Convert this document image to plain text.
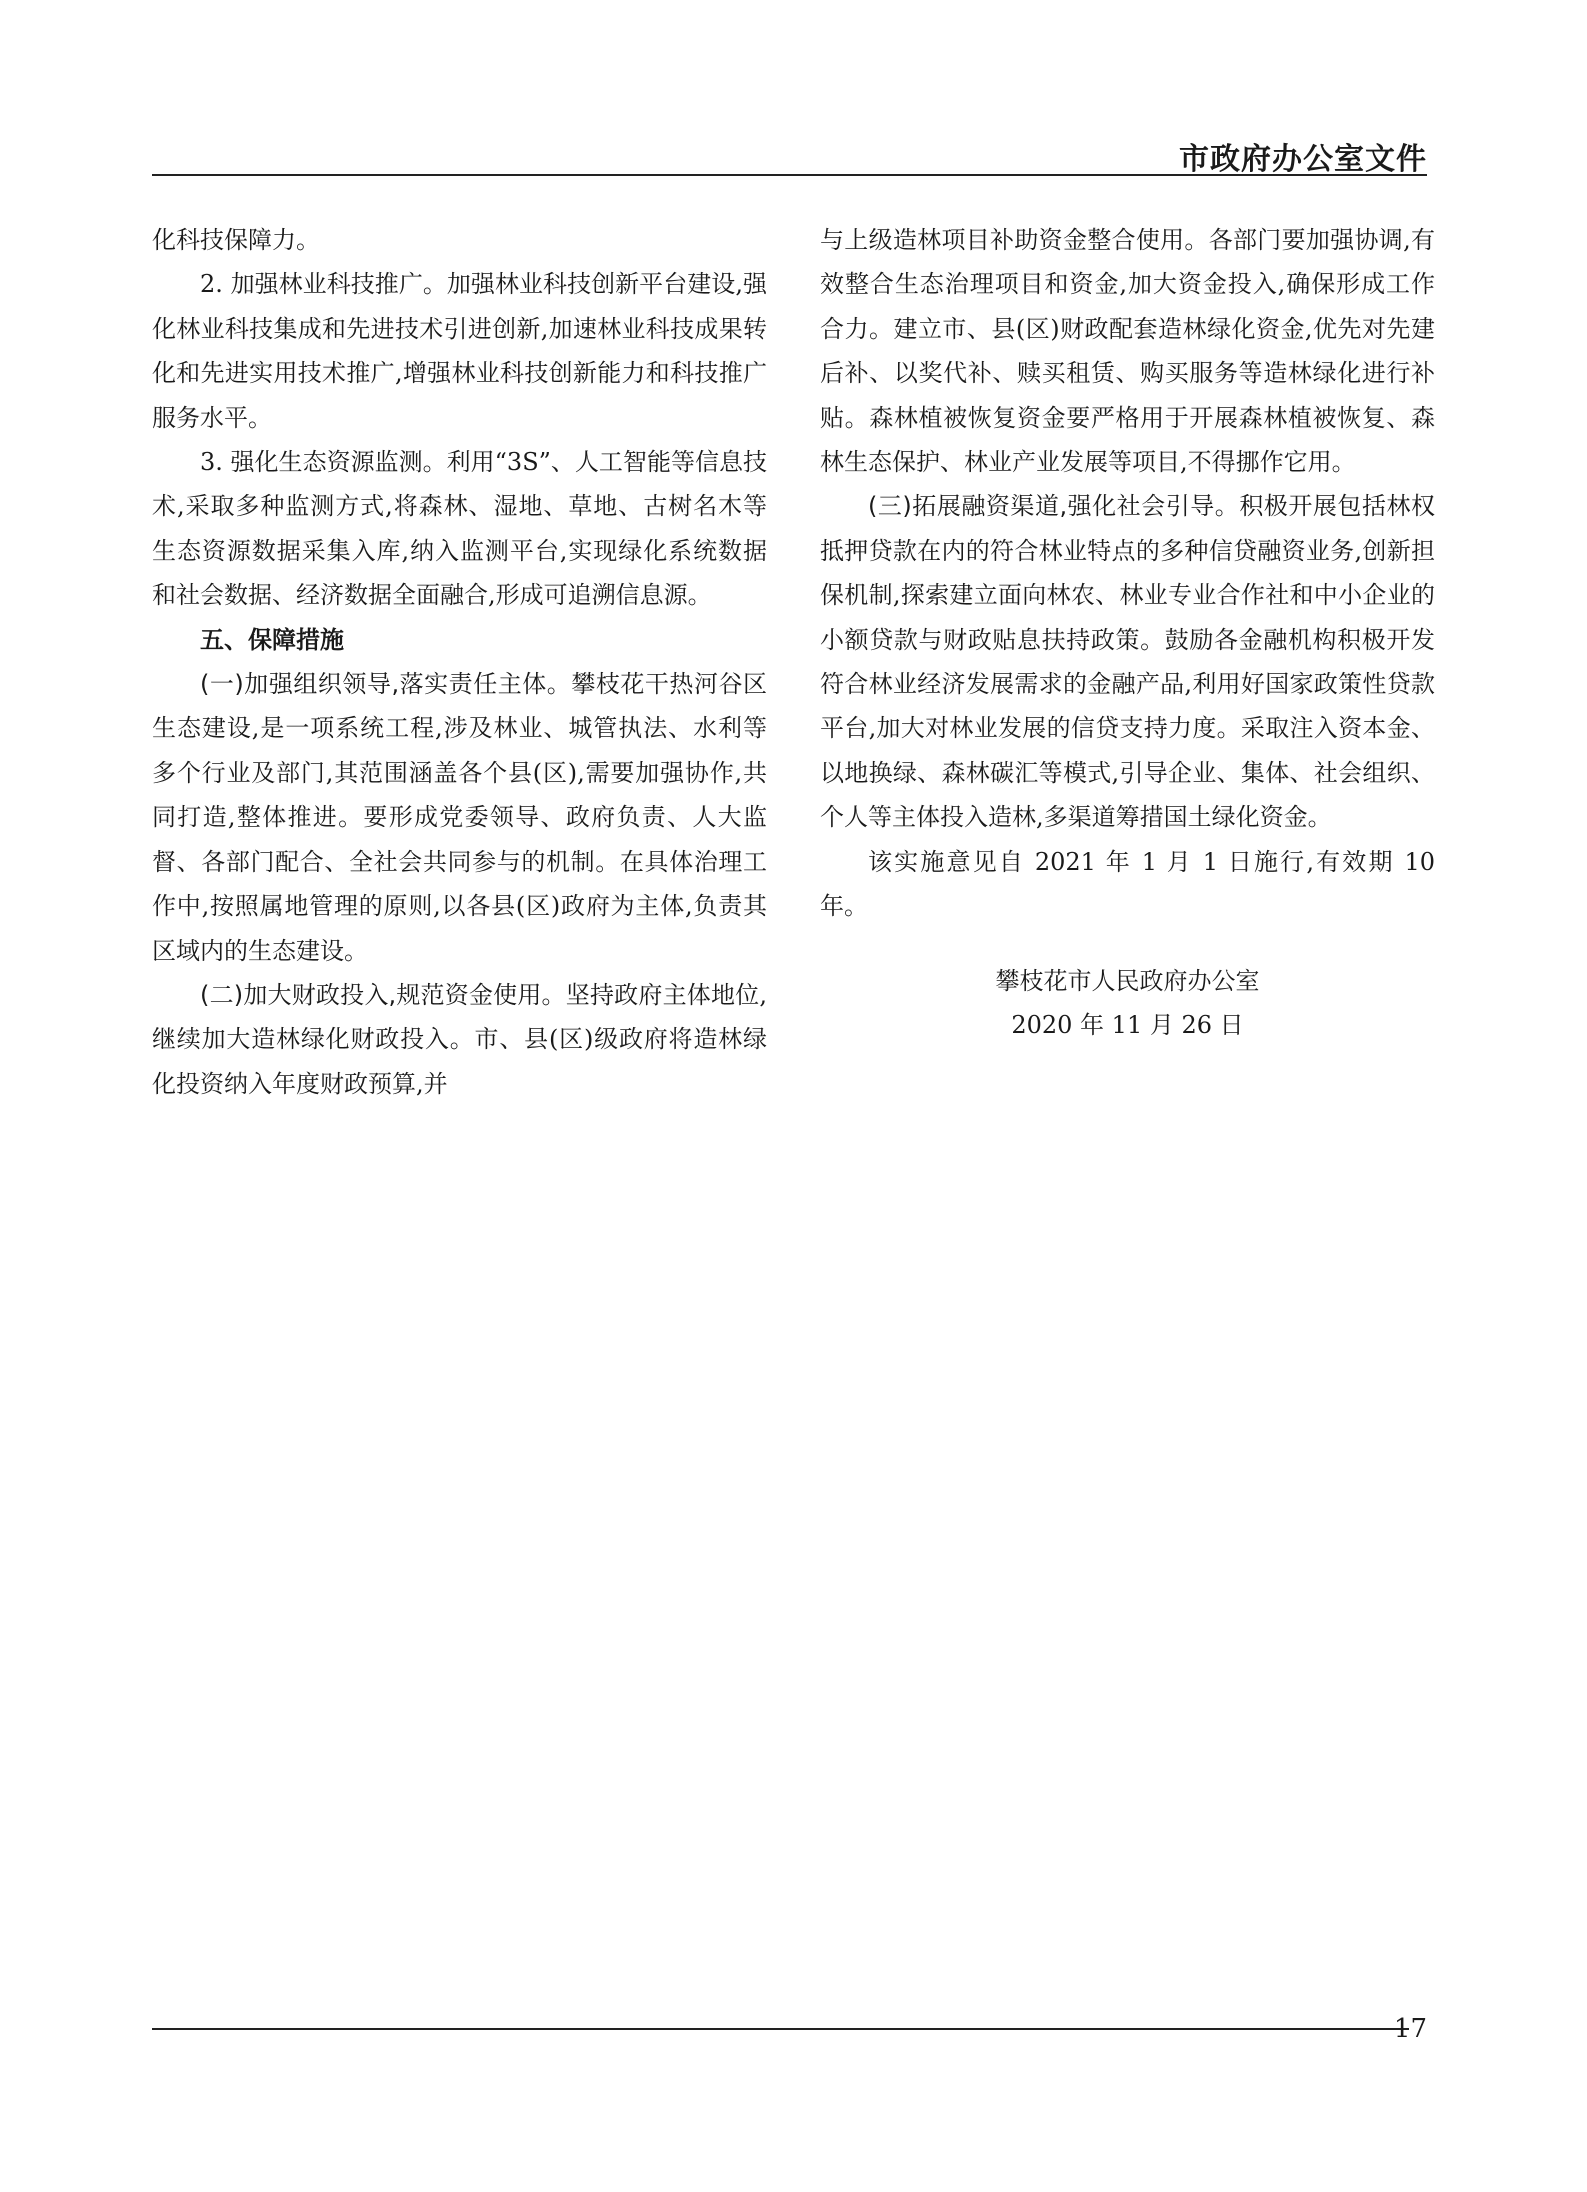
市政府办公室文件

化科技保障力。

2. 加强林业科技推广。加强林业科技创新平台建设,强化林业科技集成和先进技术引进创新,加速林业科技成果转化和先进实用技术推广,增强林业科技创新能力和科技推广服务水平。

3. 强化生态资源监测。利用“3S”、人工智能等信息技术,采取多种监测方式,将森林、湿地、草地、古树名木等生态资源数据采集入库,纳入监测平台,实现绿化系统数据和社会数据、经济数据全面融合,形成可追溯信息源。

五、保障措施

(一)加强组织领导,落实责任主体。攀枝花干热河谷区生态建设,是一项系统工程,涉及林业、城管执法、水利等多个行业及部门,其范围涵盖各个县(区),需要加强协作,共同打造,整体推进。要形成党委领导、政府负责、人大监督、各部门配合、全社会共同参与的机制。在具体治理工作中,按照属地管理的原则,以各县(区)政府为主体,负责其区域内的生态建设。

(二)加大财政投入,规范资金使用。坚持政府主体地位,继续加大造林绿化财政投入。市、县(区)级政府将造林绿化投资纳入年度财政预算,并

与上级造林项目补助资金整合使用。各部门要加强协调,有效整合生态治理项目和资金,加大资金投入,确保形成工作合力。建立市、县(区)财政配套造林绿化资金,优先对先建后补、以奖代补、赎买租赁、购买服务等造林绿化进行补贴。森林植被恢复资金要严格用于开展森林植被恢复、森林生态保护、林业产业发展等项目,不得挪作它用。

(三)拓展融资渠道,强化社会引导。积极开展包括林权抵押贷款在内的符合林业特点的多种信贷融资业务,创新担保机制,探索建立面向林农、林业专业合作社和中小企业的小额贷款与财政贴息扶持政策。鼓励各金融机构积极开发符合林业经济发展需求的金融产品,利用好国家政策性贷款平台,加大对林业发展的信贷支持力度。采取注入资本金、以地换绿、森林碳汇等模式,引导企业、集体、社会组织、个人等主体投入造林,多渠道筹措国土绿化资金。

该实施意见自 2021 年 1 月 1 日施行,有效期 10 年。

攀枝花市人民政府办公室
2020 年 11 月 26 日
17
